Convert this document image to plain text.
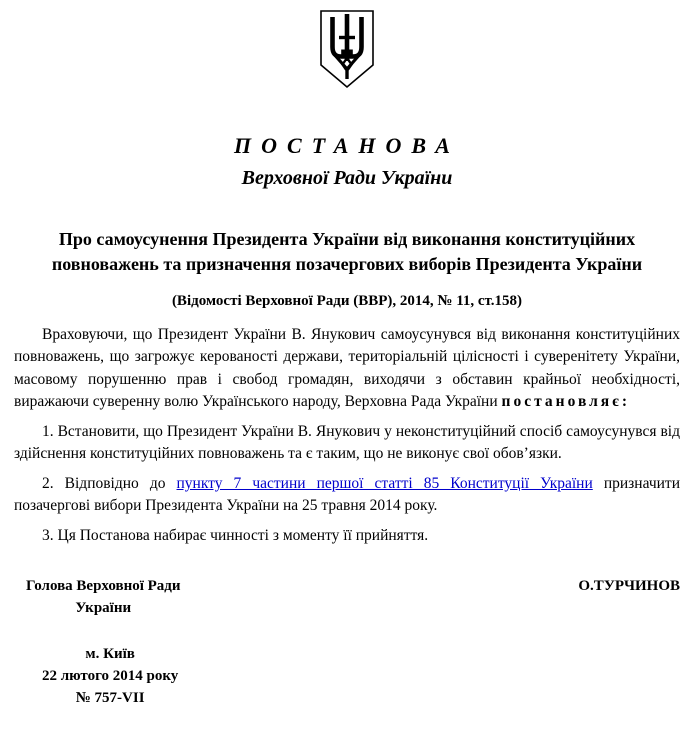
ПОСТАНОВА
Верховної Ради України
Про самоусунення Президента України від виконання конституційних повноважень та призначення позачергових виборів Президента України
(Відомості Верховної Ради (ВВР), 2014, № 11, ст.158)

Враховуючи, що Президент України В. Янукович самоусунувся від виконання конституційних повноважень, що загрожує керованості держави, територіальній цілісності і суверенітету України, масовому порушенню прав і свобод громадян, виходячи з обставин крайньої необхідності, виражаючи суверенну волю Українського народу, Верховна Рада України постановляє:

1. Встановити, що Президент України В. Янукович у неконституційний спосіб самоусунувся від здійснення конституційних повноважень та є таким, що не виконує свої обов’язки.

2. Відповідно до пункту 7 частини першої статті 85 Конституції України призначити позачергові вибори Президента України на 25 травня 2014 року.

3. Ця Постанова набирає чинності з моменту її прийняття.

Голова Верховної Ради
України
О.ТУРЧИНОВ
м. Київ
22 лютого 2014 року
№ 757-VII
